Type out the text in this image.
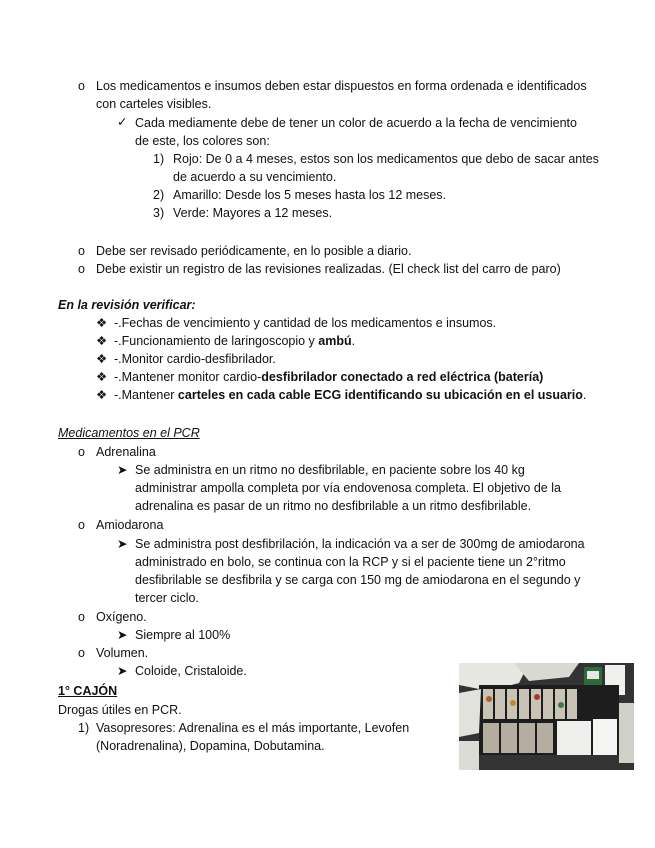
o Los medicamentos e insumos deben estar dispuestos en forma ordenada e identificados
con carteles visibles.
✓ Cada mediamente debe de tener un color de acuerdo a la fecha de vencimiento
de este, los colores son:
1) Rojo: De 0 a 4 meses, estos son los medicamentos que debo de sacar antes
de acuerdo a su vencimiento.
2) Amarillo: Desde los 5 meses hasta los 12 meses.
3) Verde: Mayores a 12 meses.
o Debe ser revisado periódicamente, en lo posible a diario.
o Debe existir un registro de las revisiones realizadas. (El check list del carro de paro)
En la revisión verificar:
❖ -.Fechas de vencimiento y cantidad de los medicamentos e insumos.
❖ -.Funcionamiento de laringoscopio y ambú.
❖ -.Monitor cardio-desfibrilador.
❖ -.Mantener monitor cardio-desfibrilador conectado a red eléctrica (batería)
❖ -.Mantener carteles en cada cable ECG identificando su ubicación en el usuario.
Medicamentos en el PCR
o Adrenalina
➤ Se administra en un ritmo no desfibrilable, en paciente sobre los 40 kg
administrar ampolla completa por vía endovenosa completa. El objetivo de la
adrenalina es pasar de un ritmo no desfibrilable a un ritmo desfibrilable.
o Amiodarona
➤ Se administra post desfibrilación, la indicación va a ser de 300mg de amiodarona
administrado en bolo, se continua con la RCP y si el paciente tiene un 2°ritmo
desfibrilable se desfibrila y se carga con 150 mg de amiodarona en el segundo y
tercer ciclo.
o Oxígeno.
➤ Siempre al 100%
o Volumen.
➤ Coloide, Cristaloide.
1° CAJÓN
Drogas útiles en PCR.
1) Vasopresores: Adrenalina es el más importante, Levofen
(Noradrenalina), Dopamina, Dobutamina.
